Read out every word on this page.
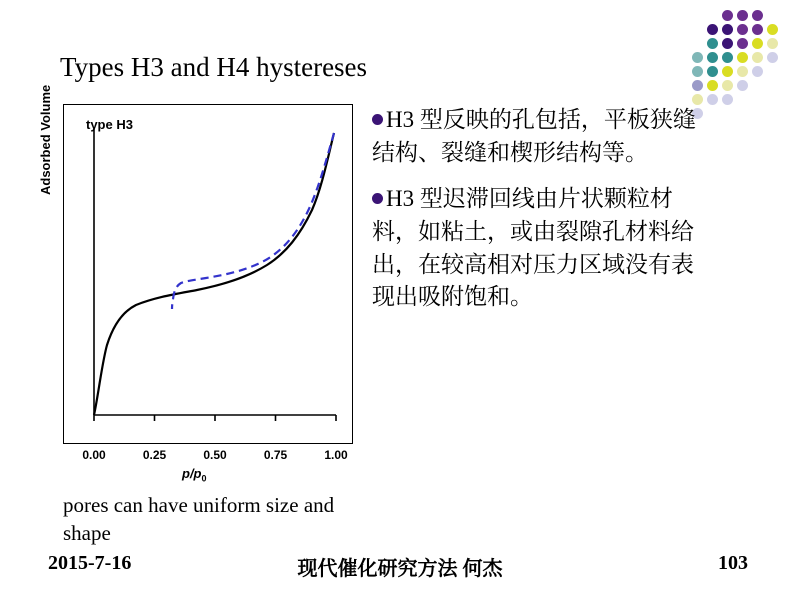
Types H3 and H4 hystereses
type H3
Adsorbed Volume
0.00	0.25	0.50	0.75	1.00
$p/p_0$
pores can have uniform size and shape
H3 型反映的孔包括，平板狭缝结构、裂缝和楔形结构等。
H3 型迟滞回线由片状颗粒材料，如粘土，或由裂隙孔材料给出，在较高相对压力区域没有表现出吸附饱和。
2015-7-16	现代催化研究方法 何杰	103
